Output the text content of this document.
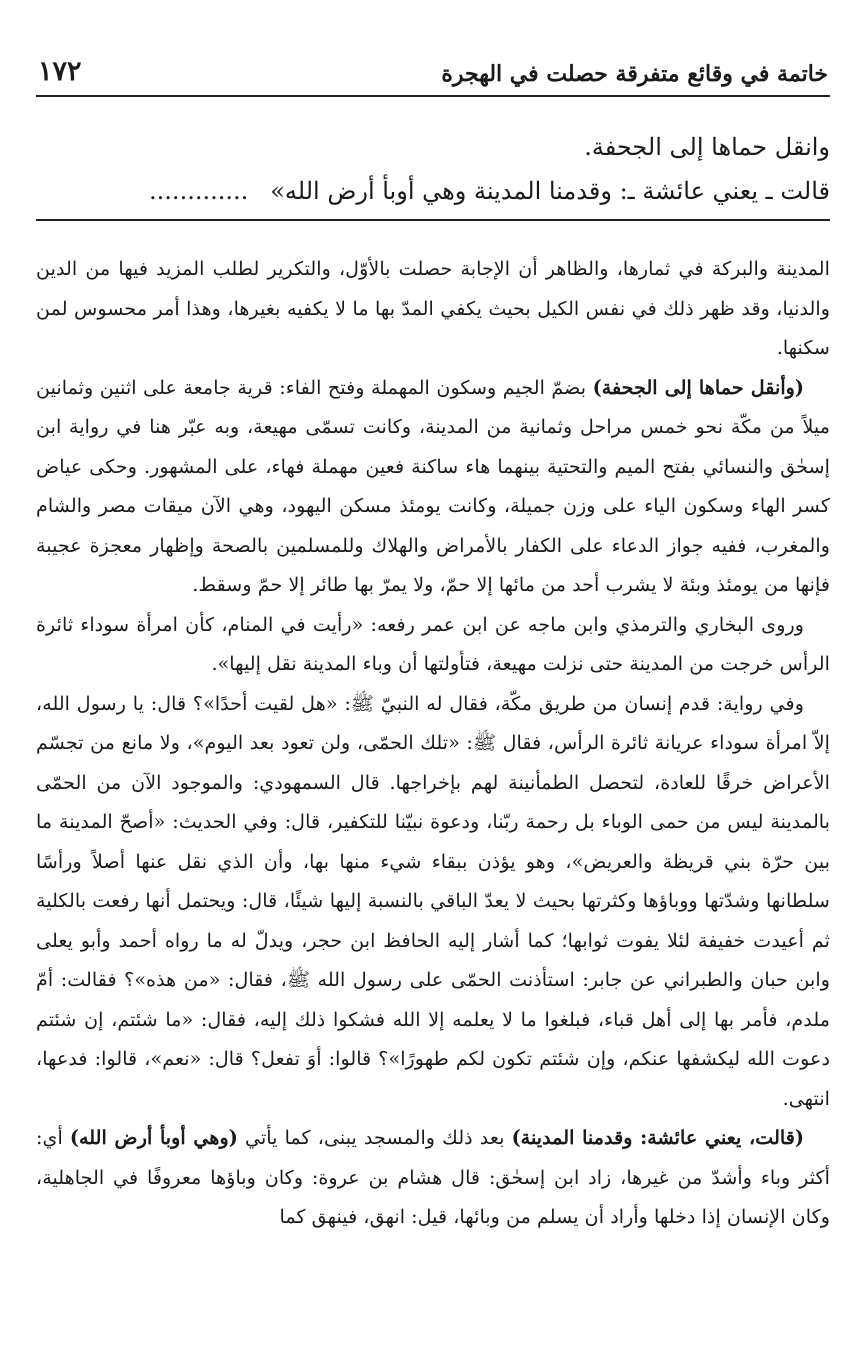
خاتمة في وقائع متفرقة حصلت في الهجرة
١٧٢

وانقل حماها إلى الجحفة.

قالت ـ يعني عائشة ـ: وقدمنا المدينة وهي أوبأ أرض الله».............

المدينة والبركة في ثمارها، والظاهر أن الإجابة حصلت بالأوّل، والتكرير لطلب المزيد فيها من الدين والدنيا، وقد ظهر ذلك في نفس الكيل بحيث يكفي المدّ بها ما لا يكفيه بغيرها، وهذا أمر محسوس لمن سكنها.

(وأنقل حماها إلى الجحفة) بضمّ الجيم وسكون المهملة وفتح الفاء: قرية جامعة على اثنين وثمانين ميلاً من مكّة نحو خمس مراحل وثمانية من المدينة، وكانت تسمّى مهيعة، وبه عبّر هنا في رواية ابن إسحٰق والنسائي بفتح الميم والتحتية بينهما هاء ساكنة فعين مهملة فهاء، على المشهور. وحكى عياض كسر الهاء وسكون الياء على وزن جميلة، وكانت يومئذ مسكن اليهود، وهي الآن ميقات مصر والشام والمغرب، ففيه جواز الدعاء على الكفار بالأمراض والهلاك وللمسلمين بالصحة وإظهار معجزة عجيبة فإنها من يومئذ وبئة لا يشرب أحد من مائها إلا حمّ، ولا يمرّ بها طائر إلا حمّ وسقط.

وروى البخاري والترمذي وابن ماجه عن ابن عمر رفعه: «رأيت في المنام، كأن امرأة سوداء ثائرة الرأس خرجت من المدينة حتى نزلت مهيعة، فتأولتها أن وباء المدينة نقل إليها».

وفي رواية: قدم إنسان من طريق مكّة، فقال له النبيّ ﷺ: «هل لقيت أحدًا»؟ قال: يا رسول الله، إلاّ امرأة سوداء عريانة ثائرة الرأس، فقال ﷺ: «تلك الحمّى، ولن تعود بعد اليوم»، ولا مانع من تجسّم الأعراض خرقًا للعادة، لتحصل الطمأنينة لهم بإخراجها. قال السمهودي: والموجود الآن من الحمّى بالمدينة ليس من حمى الوباء بل رحمة ربّنا، ودعوة نبيّنا للتكفير، قال: وفي الحديث: «أصحّ المدينة ما بين حرّة بني قريظة والعريض»، وهو يؤذن ببقاء شيء منها بها، وأن الذي نقل عنها أصلاً ورأسًا سلطانها وشدّتها ووباؤها وكثرتها بحيث لا يعدّ الباقي بالنسبة إليها شيئًا، قال: ويحتمل أنها رفعت بالكلية ثم أعيدت خفيفة لئلا يفوت ثوابها؛ كما أشار إليه الحافظ ابن حجر، ويدلّ له ما رواه أحمد وأبو يعلى وابن حبان والطبراني عن جابر: استأذنت الحمّى على رسول الله ﷺ، فقال: «من هذه»؟ فقالت: أمّ ملدم، فأمر بها إلى أهل قباء، فبلغوا ما لا يعلمه إلا الله فشكوا ذلك إليه، فقال: «ما شئتم، إن شئتم دعوت الله ليكشفها عنكم، وإن شئتم تكون لكم طهورًا»؟ قالوا: أوَ تفعل؟ قال: «نعم»، قالوا: فدعها، انتهى.

(قالت، يعني عائشة: وقدمنا المدينة) بعد ذلك والمسجد يبنى، كما يأتي (وهي أوبأ أرض الله) أي: أكثر وباء وأشدّ من غيرها، زاد ابن إسحٰق: قال هشام بن عروة: وكان وباؤها معروفًا في الجاهلية، وكان الإنسان إذا دخلها وأراد أن يسلم من وبائها، قيل: انهق، فينهق كما
